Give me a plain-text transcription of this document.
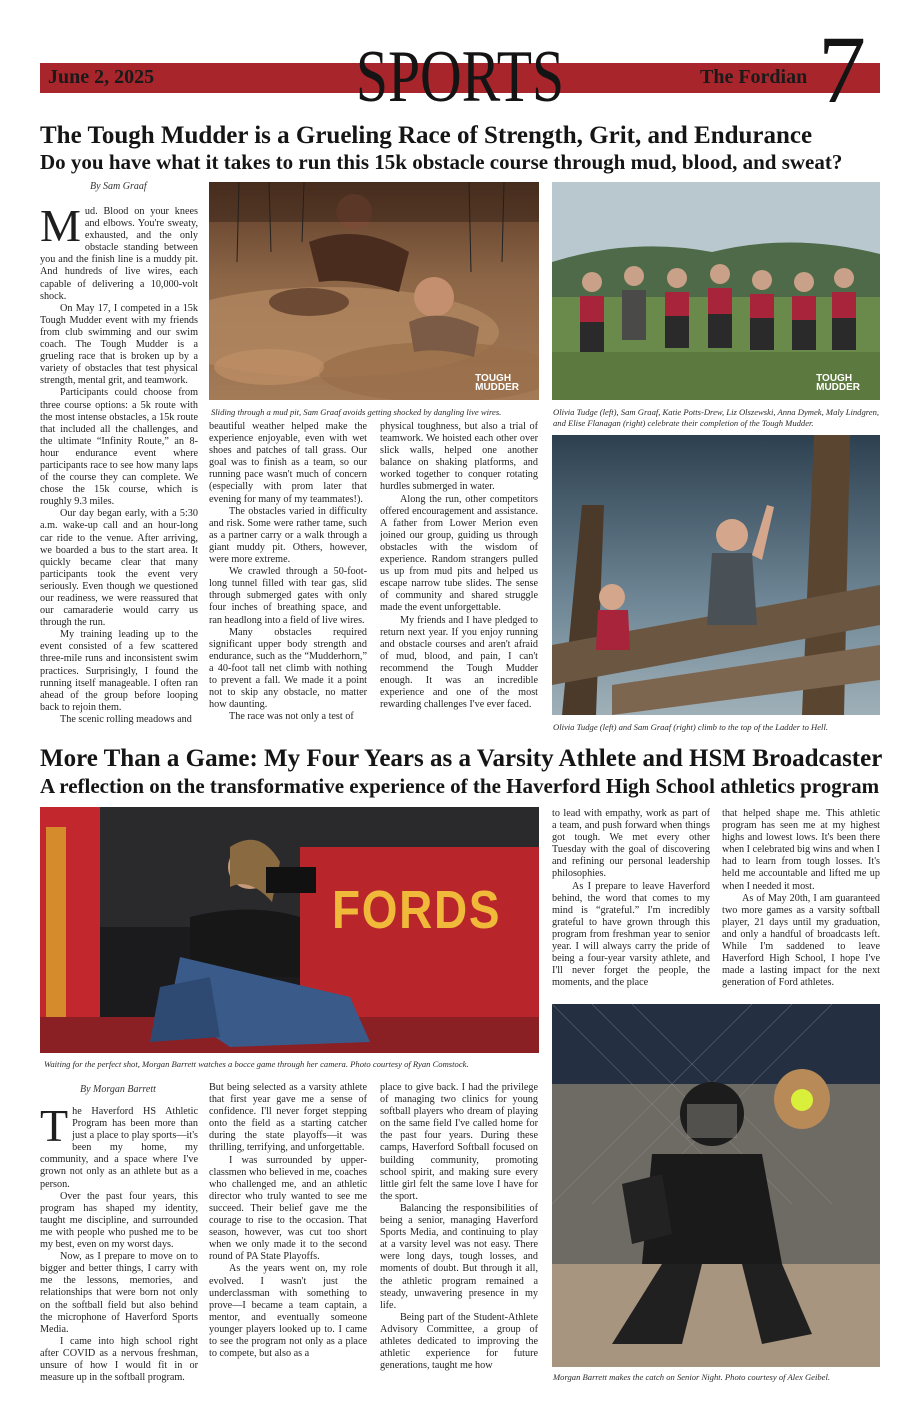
June 2, 2025	The Fordian
SPORTS	7
The Tough Mudder is a Grueling Race of Strength, Grit, and Endurance
Do you have what it takes to run this 15k obstacle course through mud, blood, and sweat?
By Sam Graaf
M ud. Blood on your knees and elbows. You're sweaty, exhausted, and the only obstacle standing between you and the finish line is a muddy pit. And hundreds of live wires, each capable of delivering a 10,000-volt shock.

On May 17, I competed in a 15k Tough Mudder event with my friends from club swimming and our swim coach. The Tough Mudder is a grueling race that is broken up by a variety of obstacles that test physical strength, mental grit, and teamwork.

Participants could choose from three course options: a 5k route with the most intense obstacles, a 15k route that included all the challenges, and the ultimate “Infinity Route,” an 8-hour endurance event where participants race to see how many laps of the course they can complete. We chose the 15k course, which is roughly 9.3 miles.

Our day began early, with a 5:30 a.m. wake-up call and an hour-long car ride to the venue. After arriving, we boarded a bus to the start area. It quickly became clear that many participants took the event very seriously. Even though we questioned our readiness, we were reassured that our camaraderie would carry us through the run.

My training leading up to the event consisted of a few scattered three-mile runs and inconsistent swim practices. Surprisingly, I found the running itself manageable. I often ran ahead of the group before looping back to rejoin them.

The scenic rolling meadows and

TOUGH
MUDDER
Sliding through a mud pit, Sam Graaf avoids getting shocked by dangling live wires.

beautiful weather helped make the experience enjoyable, even with wet shoes and patches of tall grass. Our goal was to finish as a team, so our running pace wasn't much of concern (especially with prom later that evening for many of my teammates!).

The obstacles varied in difficulty and risk. Some were rather tame, such as a partner carry or a walk through a giant muddy pit. Others, however, were more extreme.

We crawled through a 50-foot-long tunnel filled with tear gas, slid through submerged gates with only four inches of breathing space, and ran headlong into a field of live wires.

Many obstacles required significant upper body strength and endurance, such as the “Mudderhorn,” a 40-foot tall net climb with nothing to prevent a fall. We made it a point not to skip any obstacle, no matter how daunting.

The race was not only a test of

physical toughness, but also a trial of teamwork. We hoisted each other over slick walls, helped one another balance on shaking platforms, and worked together to conquer rotating hurdles submerged in water.

Along the run, other competitors offered encouragement and assistance. A father from Lower Merion even joined our group, guiding us through obstacles with the wisdom of experience. Random strangers pulled us up from mud pits and helped us escape narrow tube slides. The sense of community and shared struggle made the event unforgettable.

My friends and I have pledged to return next year. If you enjoy running and obstacle courses and aren't afraid of mud, blood, and pain, I can't recommend the Tough Mudder enough. It was an incredible experience and one of the most rewarding challenges I've ever faced.

TOUGH
MUDDER
Olivia Tudge (left), Sam Graaf, Katie Potts-Drew, Liz Olszewski, Anna Dymek, Maly Lindgren, and Elise Flanagan (right) celebrate their completion of the Tough Mudder.
Olivia Tudge (left) and Sam Graaf (right) climb to the top of the Ladder to Hell.
More Than a Game: My Four Years as a Varsity Athlete and HSM Broadcaster
A reflection on the transformative experience of the Haverford High School athletics program
FORDS
Waiting for the perfect shot, Morgan Barrett watches a bocce game through her camera. Photo courtesy of Ryan Comstock.
By Morgan Barrett
T he Haverford HS Athletic Program has been more than just a place to play sports—it's been my home, my community, and a space where I've grown not only as an athlete but as a person.

Over the past four years, this program has shaped my identity, taught me discipline, and surrounded me with people who pushed me to be my best, even on my worst days.

Now, as I prepare to move on to bigger and better things, I carry with me the lessons, memories, and relationships that were born not only on the softball field but also behind the microphone of Haverford Sports Media.

I came into high school right after COVID as a nervous freshman, unsure of how I would fit in or measure up in the softball program.

But being selected as a varsity athlete that first year gave me a sense of confidence. I'll never forget stepping onto the field as a starting catcher during the state playoffs—it was thrilling, terrifying, and unforgettable.

I was surrounded by upper-classmen who believed in me, coaches who challenged me, and an athletic director who truly wanted to see me succeed. Their belief gave me the courage to rise to the occasion. That season, however, was cut too short when we only made it to the second round of PA State Playoffs.

As the years went on, my role evolved. I wasn't just the underclassman with something to prove—I became a team captain, a mentor, and eventually someone younger players looked up to. I came to see the program not only as a place to compete, but also as a

place to give back. I had the privilege of managing two clinics for young softball players who dream of playing on the same field I've called home for the past four years. During these camps, Haverford Softball focused on building community, promoting school spirit, and making sure every little girl felt the same love I have for the sport.

Balancing the responsibilities of being a senior, managing Haverford Sports Media, and continuing to play at a varsity level was not easy. There were long days, tough losses, and moments of doubt. But through it all, the athletic program remained a steady, unwavering presence in my life.

Being part of the Student-Athlete Advisory Committee, a group of athletes dedicated to improving the athletic experience for future generations, taught me how

to lead with empathy, work as part of a team, and push forward when things got tough. We met every other Tuesday with the goal of discovering and refining our personal leadership philosophies.

As I prepare to leave Haverford behind, the word that comes to my mind is “grateful.” I'm incredibly grateful to have grown through this program from freshman year to senior year. I will always carry the pride of being a four-year varsity athlete, and I'll never forget the people, the moments, and the place

that helped shape me. This athletic program has seen me at my highest highs and lowest lows. It's been there when I celebrated big wins and when I had to learn from tough losses. It's held me accountable and lifted me up when I needed it most.

As of May 20th, I am guaranteed two more games as a varsity softball player, 21 days until my graduation, and only a handful of broadcasts left. While I'm saddened to leave Haverford High School, I hope I've made a lasting impact for the next generation of Ford athletes.

Morgan Barrett makes the catch on Senior Night. Photo courtesy of Alex Geibel.
